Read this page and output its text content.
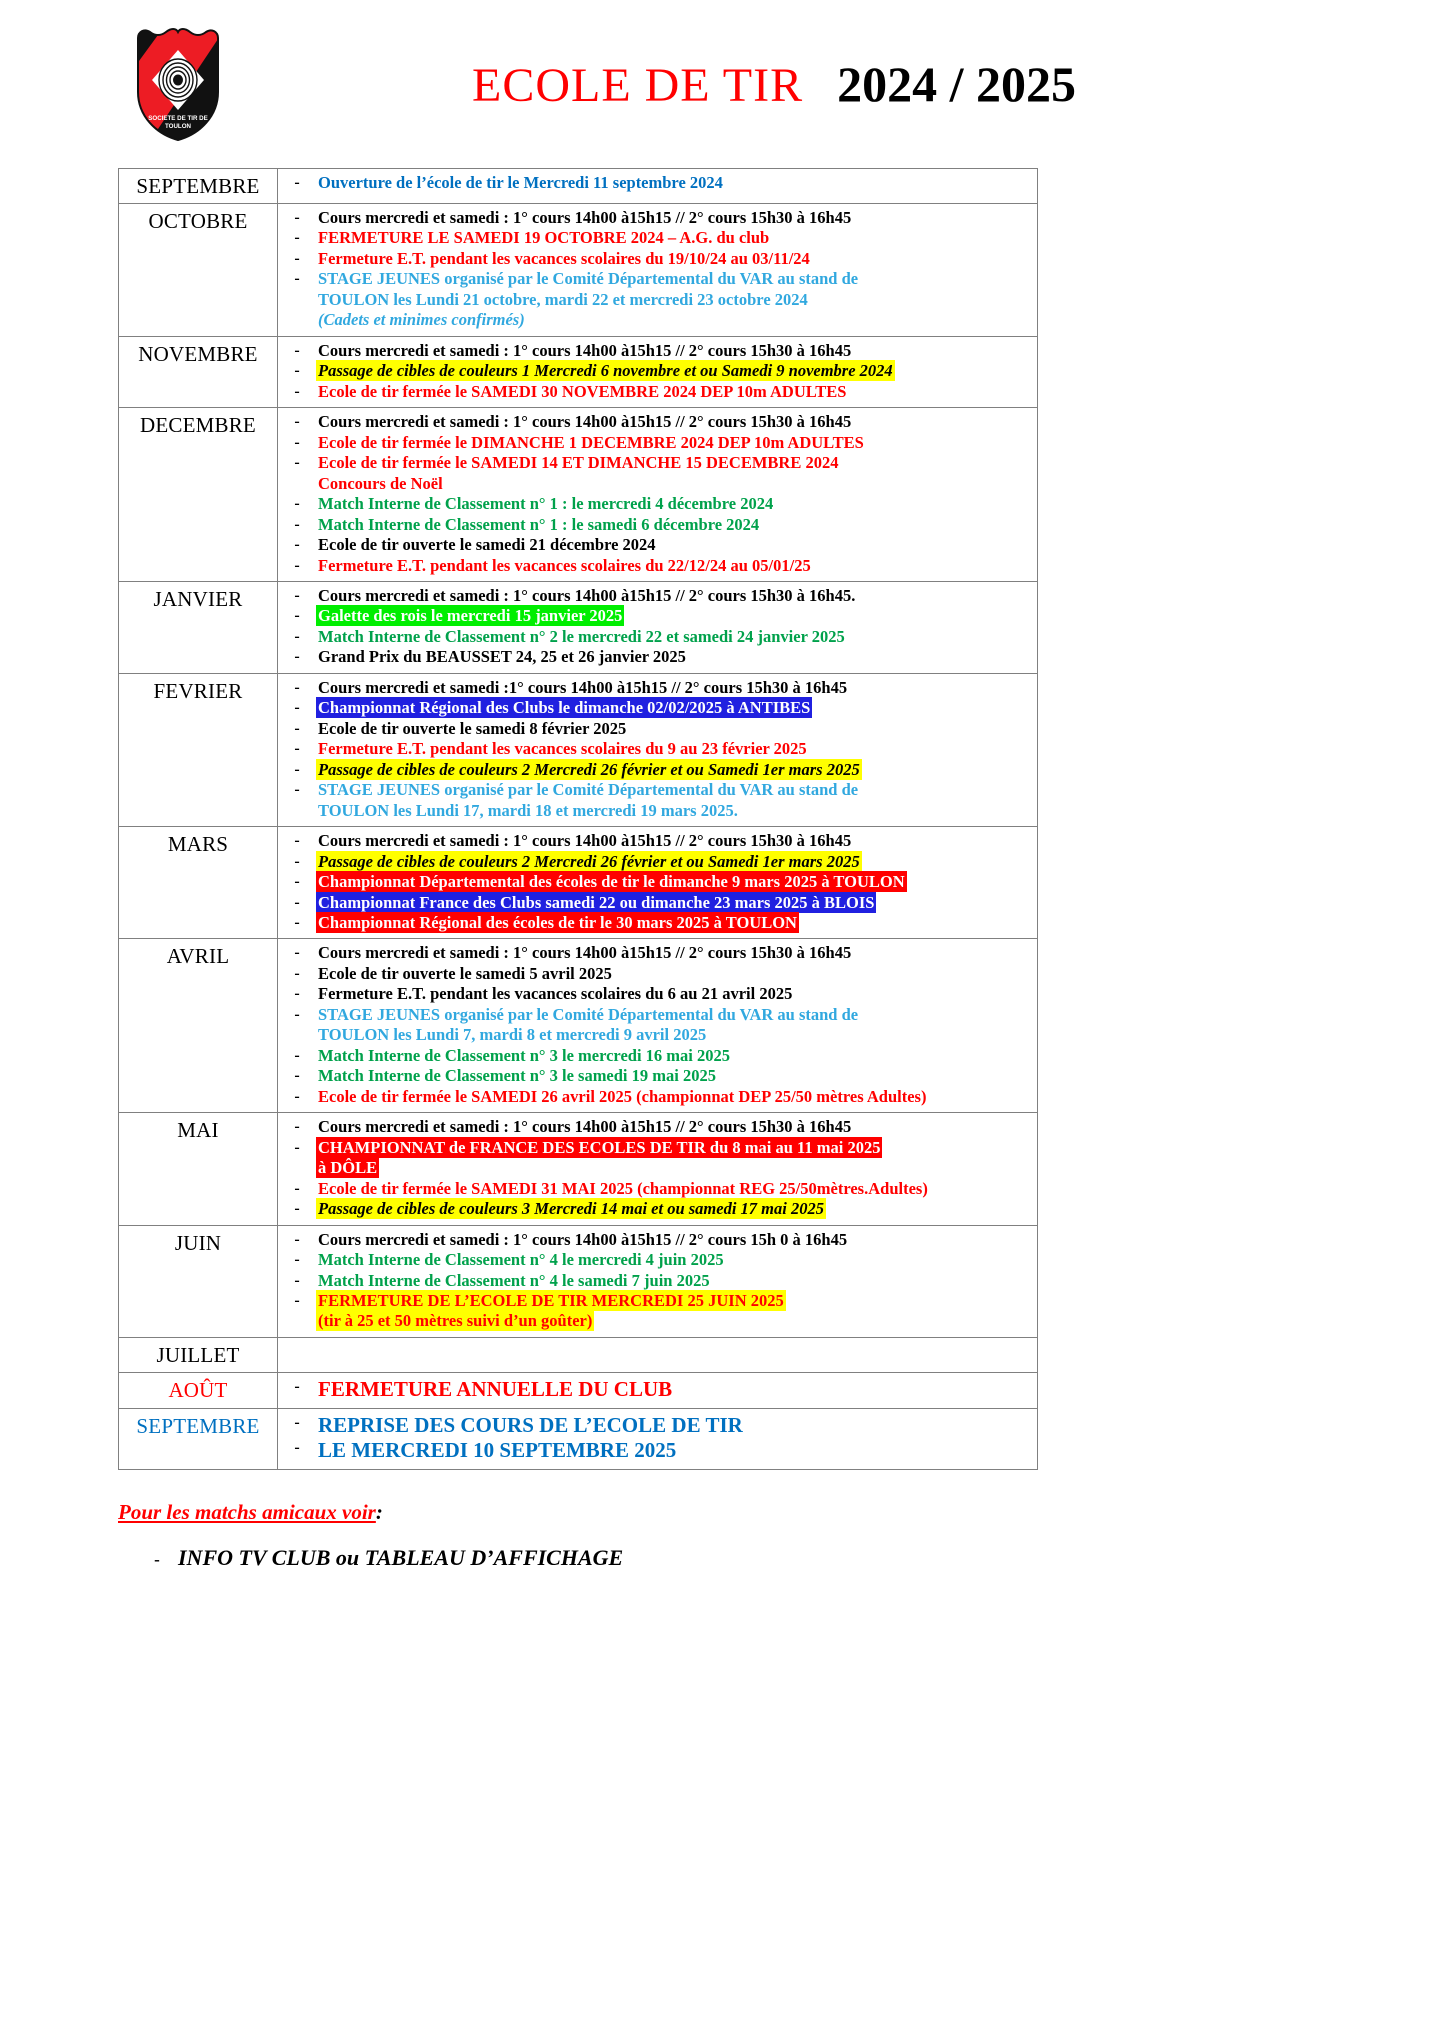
SOCIETE DE TIR DE
TOULON
ECOLE DE TIR 2024 / 2025
SEPTEMBRE	- Ouverture de l’école de tir le Mercredi 11 septembre 2024

OCTOBRE	-	Cours mercredi et samedi : 1° cours 14h00 à15h15 // 2° cours 15h30 à 16h45
-	FERMETURE LE SAMEDI 19 OCTOBRE 2024 – A.G. du club
-	Fermeture E.T. pendant les vacances scolaires du 19/10/24 au 03/11/24
-	STAGE JEUNES organisé par le Comité Départemental du VAR au stand de
TOULON les Lundi 21 octobre, mardi 22 et mercredi 23 octobre 2024
(Cadets et minimes confirmés)

NOVEMBRE	-	Cours mercredi et samedi : 1° cours 14h00 à15h15 // 2° cours 15h30 à 16h45
-	Passage de cibles de couleurs 1 Mercredi 6 novembre et ou Samedi 9 novembre 2024
-	Ecole de tir fermée le SAMEDI 30 NOVEMBRE 2024 DEP 10m ADULTES

DECEMBRE	-	Cours mercredi et samedi : 1° cours 14h00 à15h15 // 2° cours 15h30 à 16h45
-	Ecole de tir fermée le DIMANCHE 1 DECEMBRE 2024 DEP 10m ADULTES
-	Ecole de tir fermée le SAMEDI 14 ET DIMANCHE 15 DECEMBRE 2024
Concours de Noël
-	Match Interne de Classement n° 1 : le mercredi 4 décembre 2024
-	Match Interne de Classement n° 1 : le samedi 6 décembre 2024
-	Ecole de tir ouverte le samedi 21 décembre 2024
-	Fermeture E.T. pendant les vacances scolaires du 22/12/24 au 05/01/25

JANVIER	-	Cours mercredi et samedi : 1° cours 14h00 à15h15 // 2° cours 15h30 à 16h45.
-	Galette des rois le mercredi 15 janvier 2025
-	Match Interne de Classement n° 2 le mercredi 22 et samedi 24 janvier 2025
-	Grand Prix du BEAUSSET 24, 25 et 26 janvier 2025

FEVRIER	-	Cours mercredi et samedi :1° cours 14h00 à15h15 // 2° cours 15h30 à 16h45
-	Championnat Régional des Clubs le dimanche 02/02/2025 à ANTIBES
-	Ecole de tir ouverte le samedi 8 février 2025
-	Fermeture E.T. pendant les vacances scolaires du 9 au 23 février 2025
-	Passage de cibles de couleurs 2 Mercredi 26 février et ou Samedi 1er mars 2025
-	STAGE JEUNES organisé par le Comité Départemental du VAR au stand de
TOULON les Lundi 17, mardi 18 et mercredi 19 mars 2025.

MARS	-	Cours mercredi et samedi : 1° cours 14h00 à15h15 // 2° cours 15h30 à 16h45
-	Passage de cibles de couleurs 2 Mercredi 26 février et ou Samedi 1er mars 2025
-	Championnat Départemental des écoles de tir le dimanche 9 mars 2025 à TOULON
-	Championnat France des Clubs samedi 22 ou dimanche 23 mars 2025 à BLOIS
-	Championnat Régional des écoles de tir le 30 mars 2025 à TOULON

AVRIL	-	Cours mercredi et samedi : 1° cours 14h00 à15h15 // 2° cours 15h30 à 16h45
-	Ecole de tir ouverte le samedi 5 avril 2025
-	Fermeture E.T. pendant les vacances scolaires du 6 au 21 avril 2025
-	STAGE JEUNES organisé par le Comité Départemental du VAR au stand de
TOULON les Lundi 7, mardi 8 et mercredi 9 avril 2025
-	Match Interne de Classement n° 3 le mercredi 16 mai 2025
-	Match Interne de Classement n° 3 le samedi 19 mai 2025
-	Ecole de tir fermée le SAMEDI 26 avril 2025 (championnat DEP 25/50 mètres Adultes)

MAI	-	Cours mercredi et samedi : 1° cours 14h00 à15h15 // 2° cours 15h30 à 16h45
-	CHAMPIONNAT de FRANCE DES ECOLES DE TIR du 8 mai au 11 mai 2025
à DÔLE
-	Ecole de tir fermée le SAMEDI 31 MAI 2025 (championnat REG 25/50mètres.Adultes)
-	Passage de cibles de couleurs 3 Mercredi 14 mai et ou samedi 17 mai 2025

JUIN	-	Cours mercredi et samedi : 1° cours 14h00 à15h15 // 2° cours 15h 0 à 16h45
-	Match Interne de Classement n° 4 le mercredi 4 juin 2025
-	Match Interne de Classement n° 4 le samedi 7 juin 2025
-	FERMETURE DE L’ECOLE DE TIR MERCREDI 25 JUIN 2025
(tir à 25 et 50 mètres suivi d’un goûter)

JUILLET	

AOÛT	- FERMETURE ANNUELLE DU CLUB

SEPTEMBRE	- REPRISE DES COURS DE L’ECOLE DE TIR
- LE MERCREDI 10 SEPTEMBRE 2025
Pour les matchs amicaux voir:
- INFO TV CLUB ou TABLEAU D’AFFICHAGE
